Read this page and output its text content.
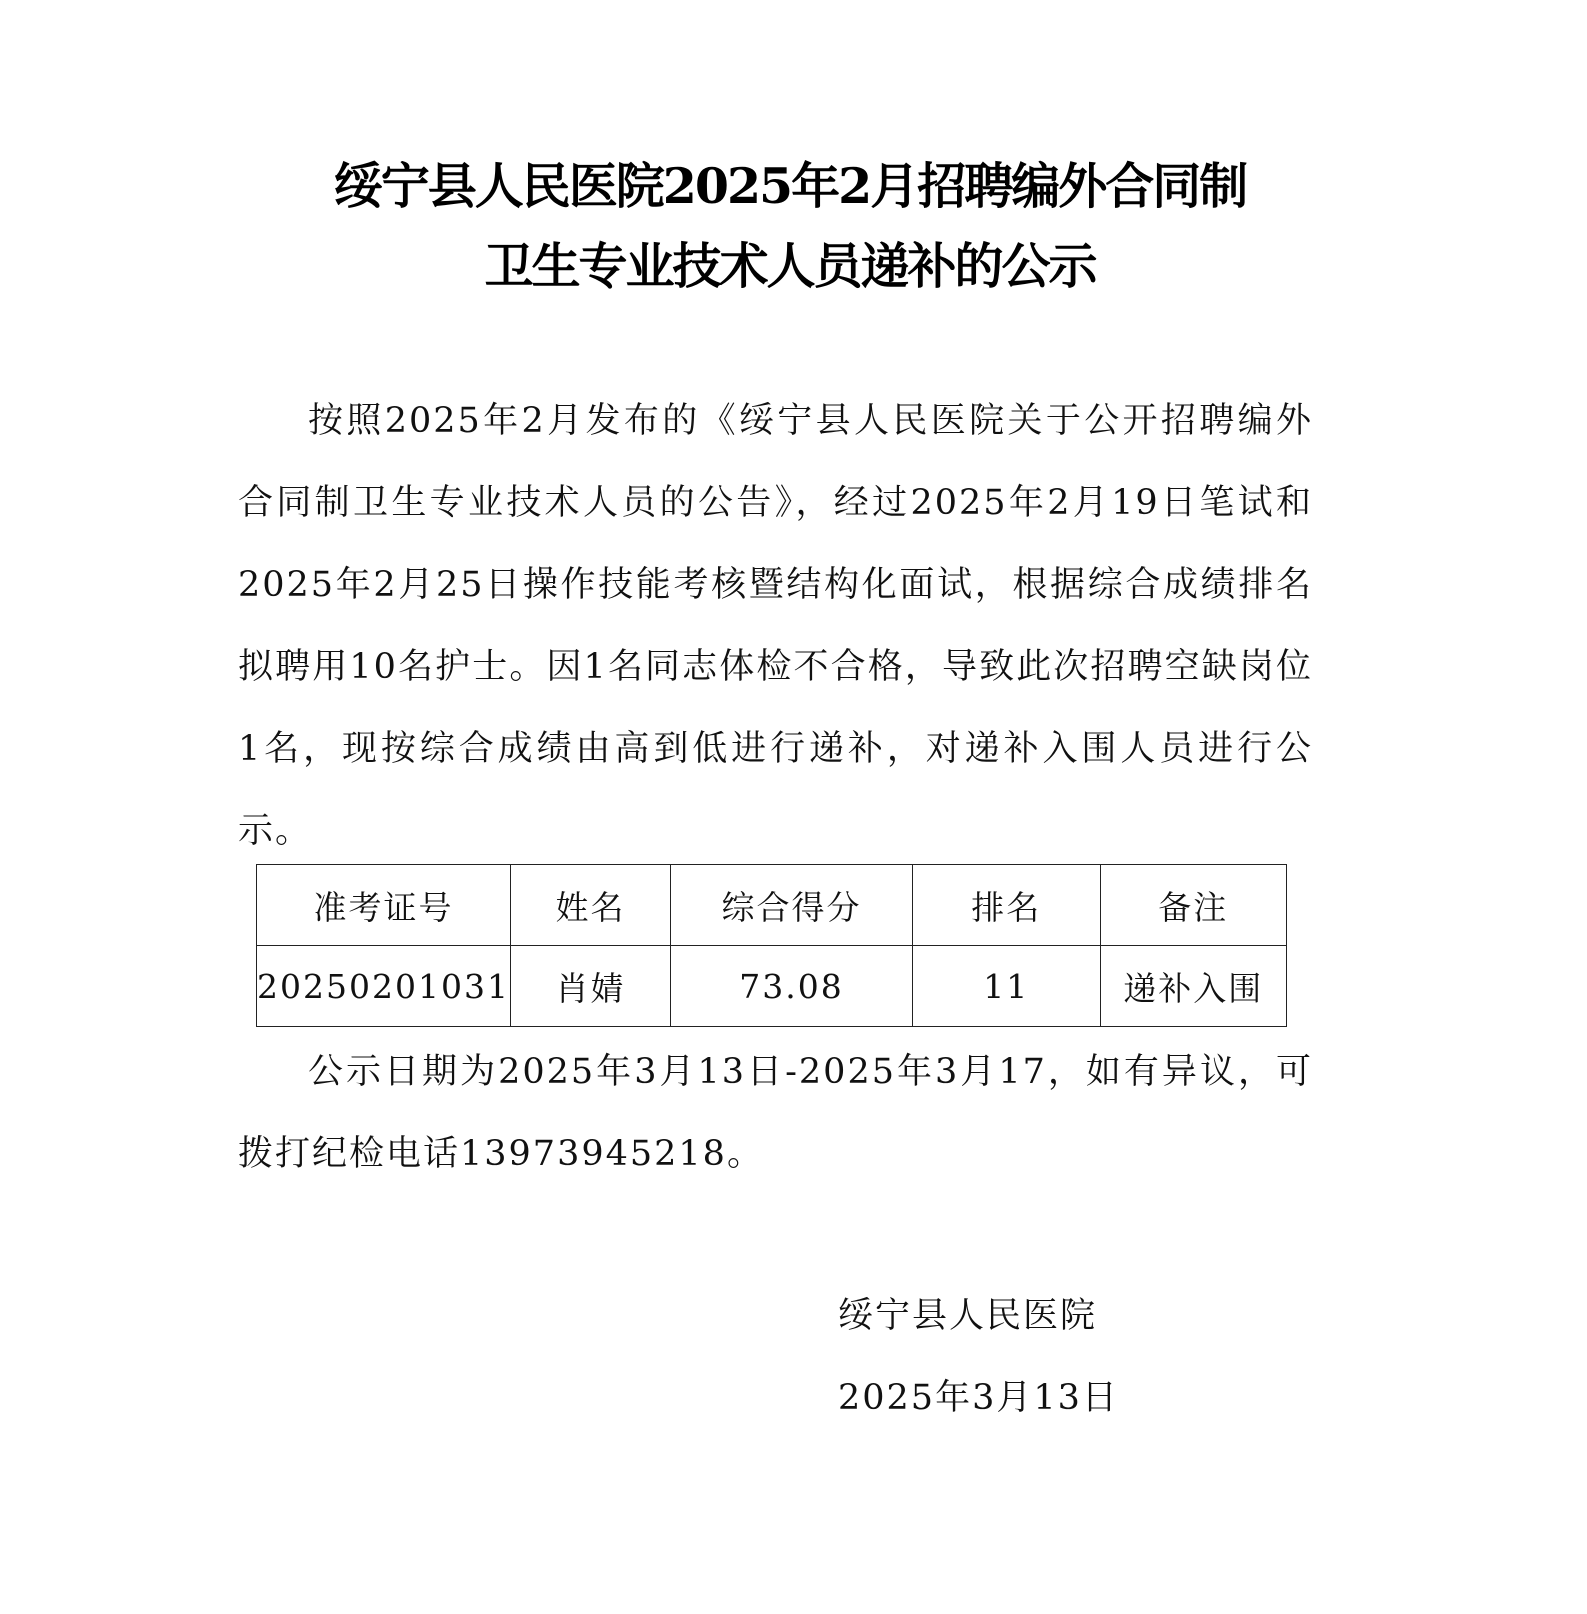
绥宁县人民医院2025年2月招聘编外合同制
卫生专业技术人员递补的公示

按照2025年2月发布的《绥宁县人民医院关于公开招聘编外合同制卫生专业技术人员的公告》，经过2025年2月19日笔试和2025年2月25日操作技能考核暨结构化面试，根据综合成绩排名拟聘用10名护士。因1名同志体检不合格，导致此次招聘空缺岗位1名，现按综合成绩由高到低进行递补，对递补入围人员进行公示。

准考证号	姓名	综合得分	排名	备注
20250201031	肖婧	73.08	11	递补入围

公示日期为2025年3月13日-2025年3月17，如有异议，可拨打纪检电话13973945218。

绥宁县人民医院
2025年3月13日
